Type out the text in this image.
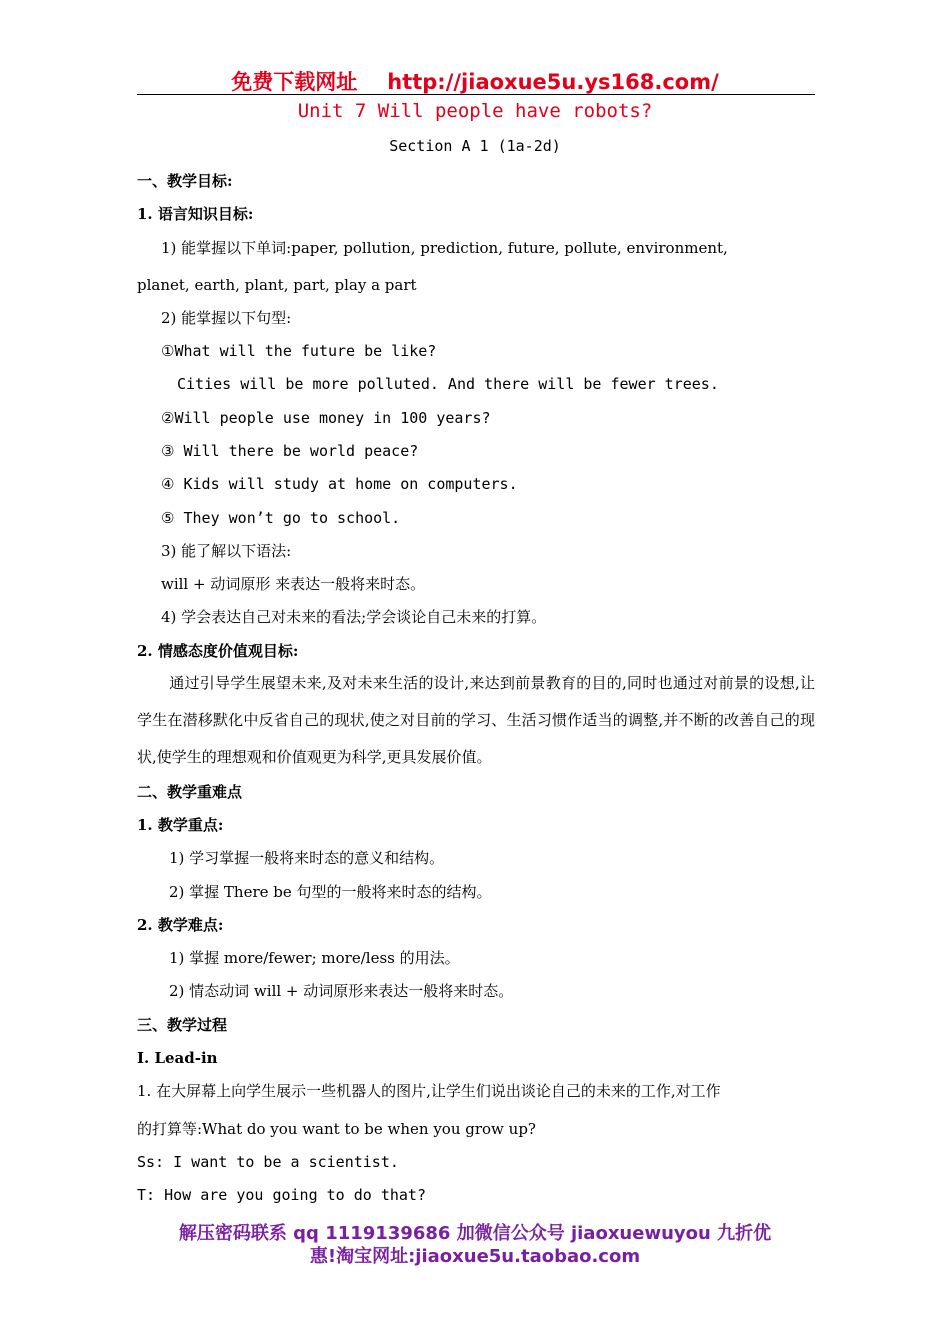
免费下载网址 http://jiaoxue5u.ys168.com/
Unit 7 Will people have robots?
Section A 1 (1a-2d)
一、教学目标:
1. 语言知识目标:
1) 能掌握以下单词:paper, pollution, prediction, future, pollute, environment,
planet, earth, plant, part, play a part
2) 能掌握以下句型:
①What will the future be like?
Cities will be more polluted. And there will be fewer trees.
②Will people use money in 100 years?
③ Will there be world peace?
④ Kids will study at home on computers.
⑤ They won’t go to school.
3) 能了解以下语法:
will + 动词原形 来表达一般将来时态。
4) 学会表达自己对未来的看法;学会谈论自己未来的打算。
2. 情感态度价值观目标:
通过引导学生展望未来,及对未来生活的设计,来达到前景教育的目的,同时也通过对前景的设想,让学生在潜移默化中反省自己的现状,使之对目前的学习、生活习惯作适当的调整,并不断的改善自己的现状,使学生的理想观和价值观更为科学,更具发展价值。
二、教学重难点
1. 教学重点:
1) 学习掌握一般将来时态的意义和结构。
2) 掌握 There be 句型的一般将来时态的结构。
2. 教学难点:
1) 掌握 more/fewer; more/less 的用法。
2) 情态动词 will + 动词原形来表达一般将来时态。
三、教学过程
Ⅰ. Lead-in
1. 在大屏幕上向学生展示一些机器人的图片,让学生们说出谈论自己的未来的工作,对工作
的打算等:What do you want to be when you grow up?
Ss: I want to be a scientist.
T: How are you going to do that?
解压密码联系 qq 1119139686 加微信公众号 jiaoxuewuyou 九折优
惠!淘宝网址:jiaoxue5u.taobao.com
